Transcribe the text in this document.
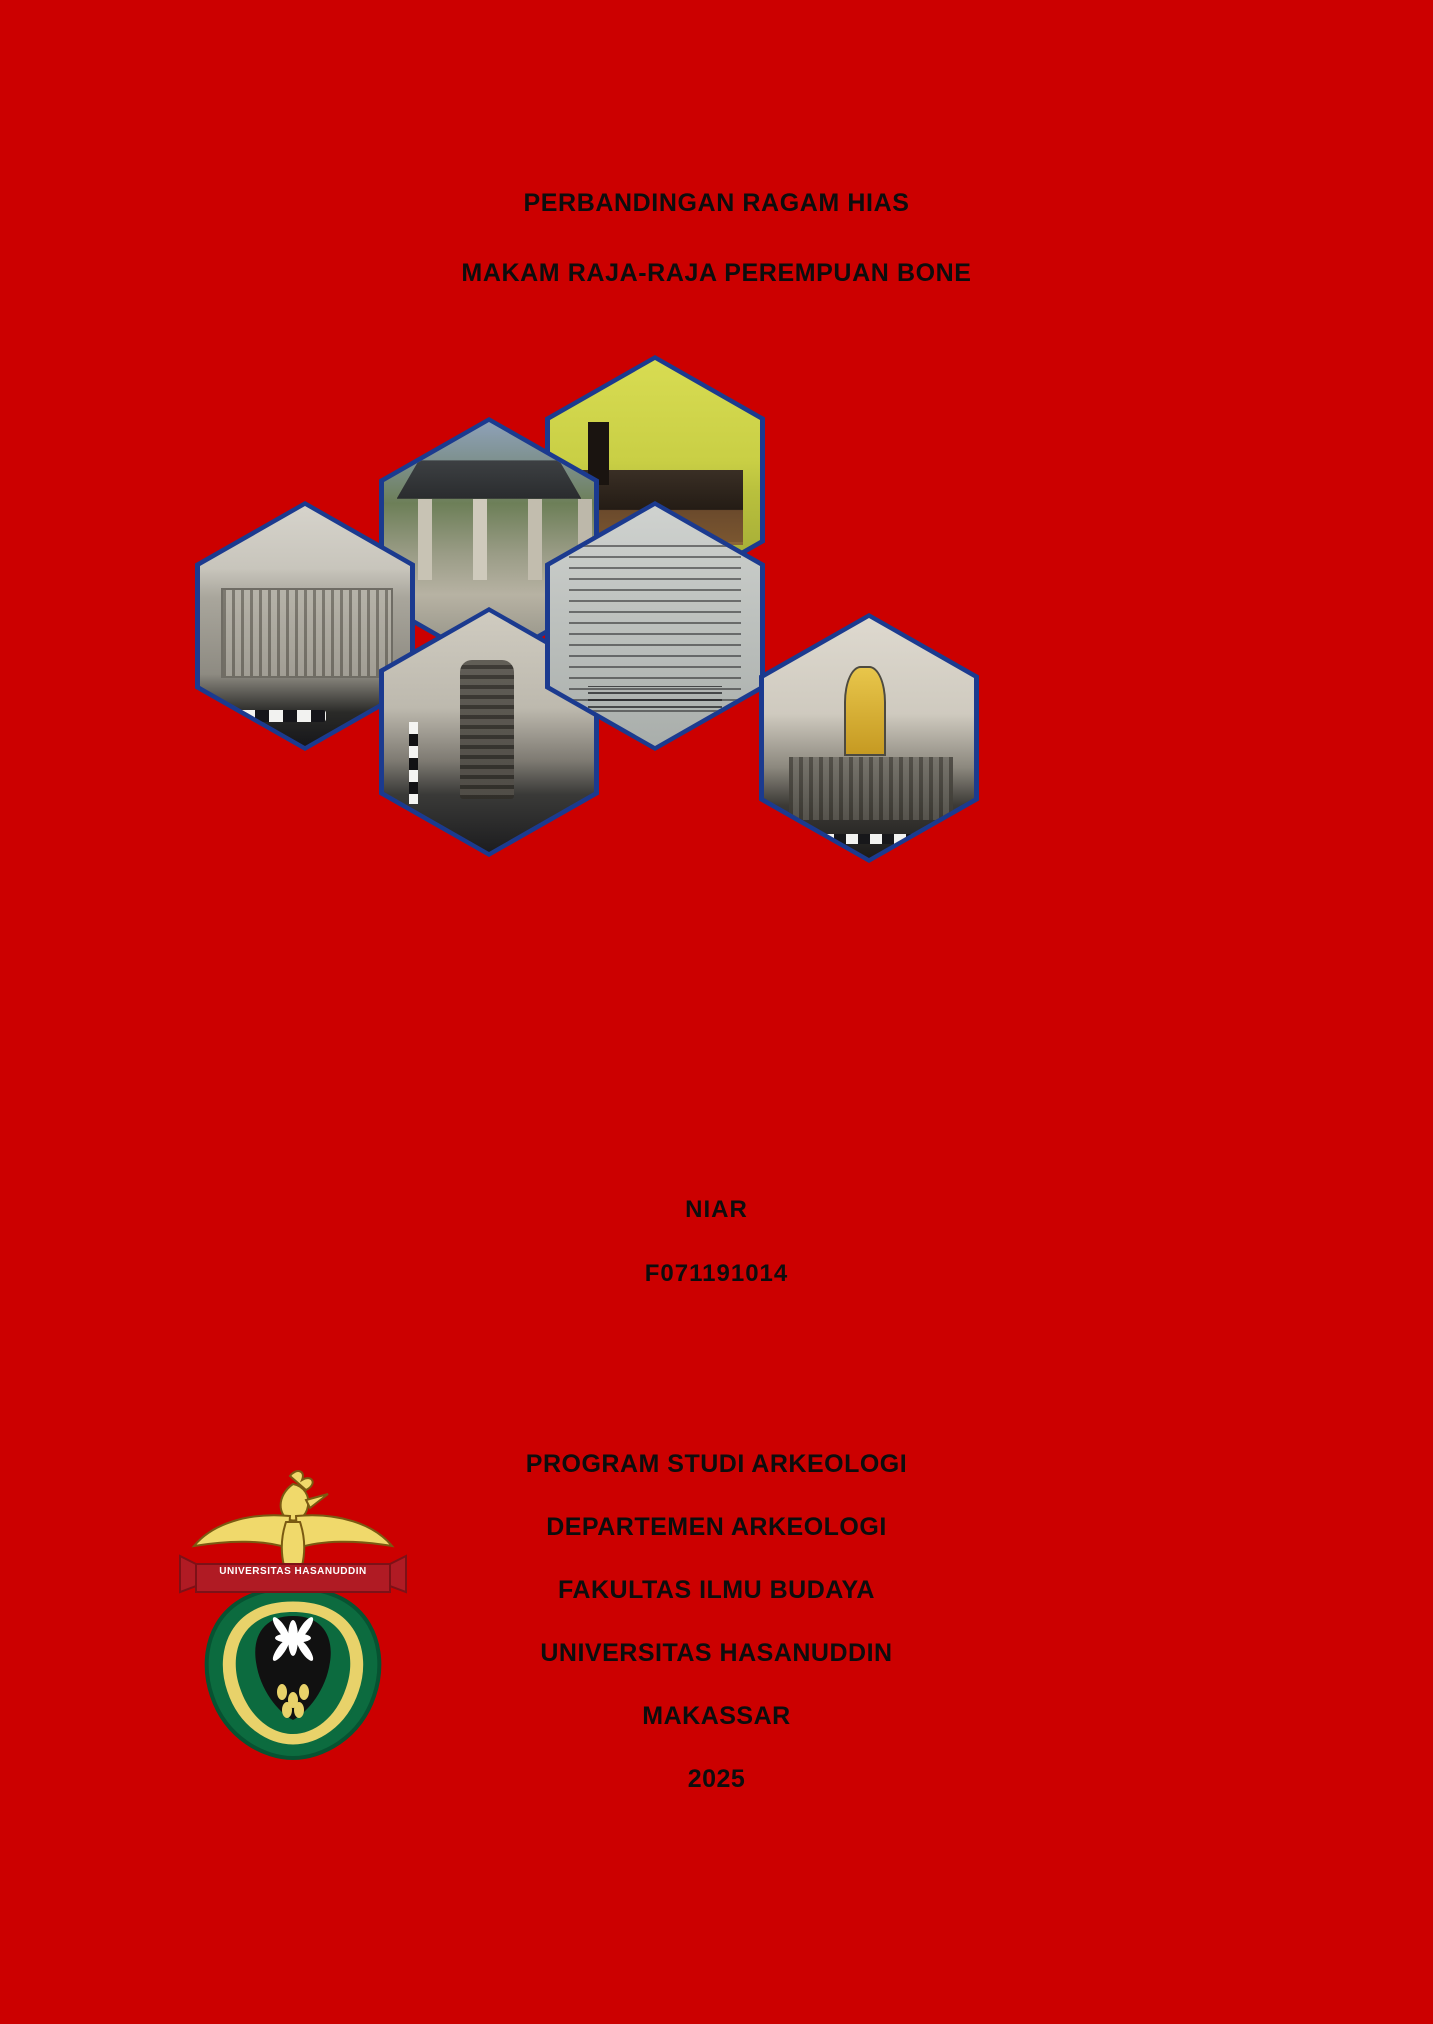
PERBANDINGAN RAGAM HIAS
MAKAM RAJA-RAJA PEREMPUAN BONE
NIAR
F071191014
UNIVERSITAS HASANUDDIN
PROGRAM STUDI ARKEOLOGI
DEPARTEMEN ARKEOLOGI
FAKULTAS ILMU BUDAYA
UNIVERSITAS HASANUDDIN
MAKASSAR
2025
